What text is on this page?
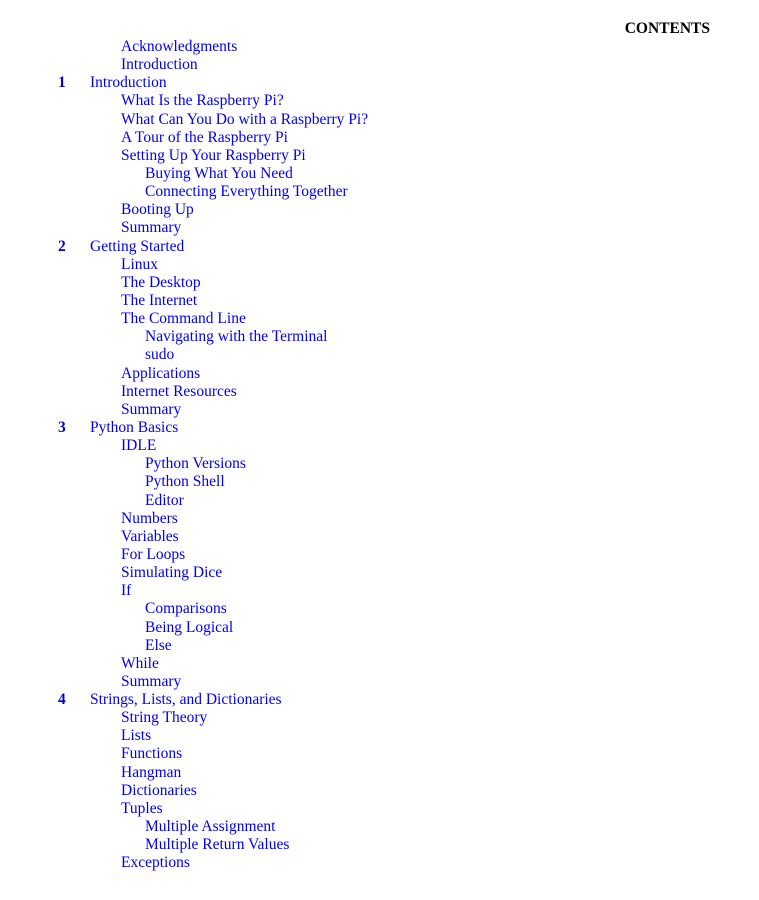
CONTENTS
Acknowledgments
Introduction
1 Introduction
What Is the Raspberry Pi?
What Can You Do with a Raspberry Pi?
A Tour of the Raspberry Pi
Setting Up Your Raspberry Pi
Buying What You Need
Connecting Everything Together
Booting Up
Summary
2 Getting Started
Linux
The Desktop
The Internet
The Command Line
Navigating with the Terminal
sudo
Applications
Internet Resources
Summary
3 Python Basics
IDLE
Python Versions
Python Shell
Editor
Numbers
Variables
For Loops
Simulating Dice
If
Comparisons
Being Logical
Else
While
Summary
4 Strings, Lists, and Dictionaries
String Theory
Lists
Functions
Hangman
Dictionaries
Tuples
Multiple Assignment
Multiple Return Values
Exceptions
